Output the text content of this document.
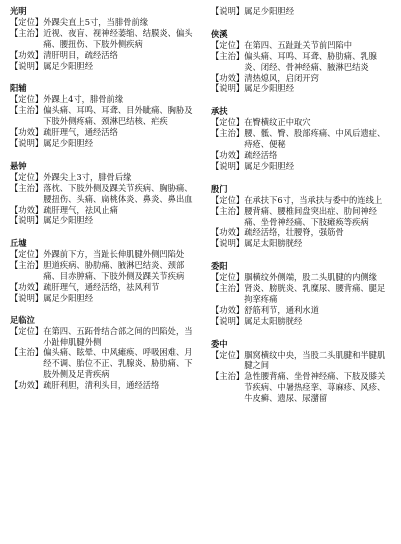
光明

【定位】 外踝尖直上5寸，当腓骨前缘
【主治】 近视、夜盲、视神经萎缩、结膜炎、偏头痛、腰扭伤、下肢外侧疾病
【功效】 清肝明目，疏经活络
【说明】 属足少阳胆经

阳辅

【定位】 外踝上4寸，腓骨前缘
【主治】 偏头痛、耳鸣、耳聋、目外眦痛、胸胁及下肢外侧疼痛、颈淋巴结核、疟疾
【功效】 疏肝理气，通经活络
【说明】 属足少阳胆经

悬钟

【定位】 外踝尖上3寸，腓骨后缘
【主治】 落枕、下肢外侧及踝关节疾病、胸胁痛、腰扭伤、头痛、扁桃体炎、鼻炎、鼻出血
【功效】 疏肝理气，祛风止痛
【说明】 属足少阳胆经

丘墟

【定位】 外踝前下方，当趾长伸肌腱外侧凹陷处
【主治】 胆道疾病、胁肋痛、腋淋巴结炎、颈部痛、目赤肿痛、下肢外侧及踝关节疾病
【功效】 疏肝理气，通经活络，祛风利节
【说明】 属足少阳胆经

足临泣

【定位】 在第四、五跖骨结合部之间的凹陷处，当小趾伸肌腱外侧
【主治】 偏头痛、眩晕、中风瘫痪、呼吸困难、月经不调、胎位不正、乳腺炎、胁肋痛、下肢外侧及足背疾病
【功效】 疏肝利胆，清利头目，通经活络
【说明】 属足少阳胆经

侠溪

【定位】 在第四、五趾趾关节前凹陷中
【主治】 偏头痛、耳鸣、耳聋、胁肋痛、乳腺炎、闭经、骨神经痛、腋淋巴结炎
【功效】 清热熄风，启闭开窍
【说明】 属足少阳胆经

承扶

【定位】 在臀横纹正中取穴
【主治】 腰、骶、臀、股部疼痛、中风后遗症、痔疮、便秘
【功效】 疏经活络
【说明】 属足少阳胆经

殷门

【定位】 在承扶下6寸，当承扶与委中的连线上
【主治】 腰背痛、腰椎间盘突出症、肋间神经痛、坐骨神经痛、下肢瘫痪等疾病
【功效】 疏经活络，壮腰脊，强筋骨
【说明】 属足太阳膀胱经

委阳

【定位】 腘横纹外侧端，股二头肌腱的内侧缘
【主治】 肾炎、膀胱炎、乳糜尿、腰背痛、腿足拘挛疼痛
【功效】 舒筋利节，通利水道
【说明】 属足太阳膀胱经

委中

【定位】 腘窝横纹中央，当股二头肌腱和半腱肌腱之间
【主治】 急性腰背痛、坐骨神经痛、下肢及膝关节疾病、中暑热痉挛、荨麻疹、风疹、牛皮癣、遗尿、尿潴留
